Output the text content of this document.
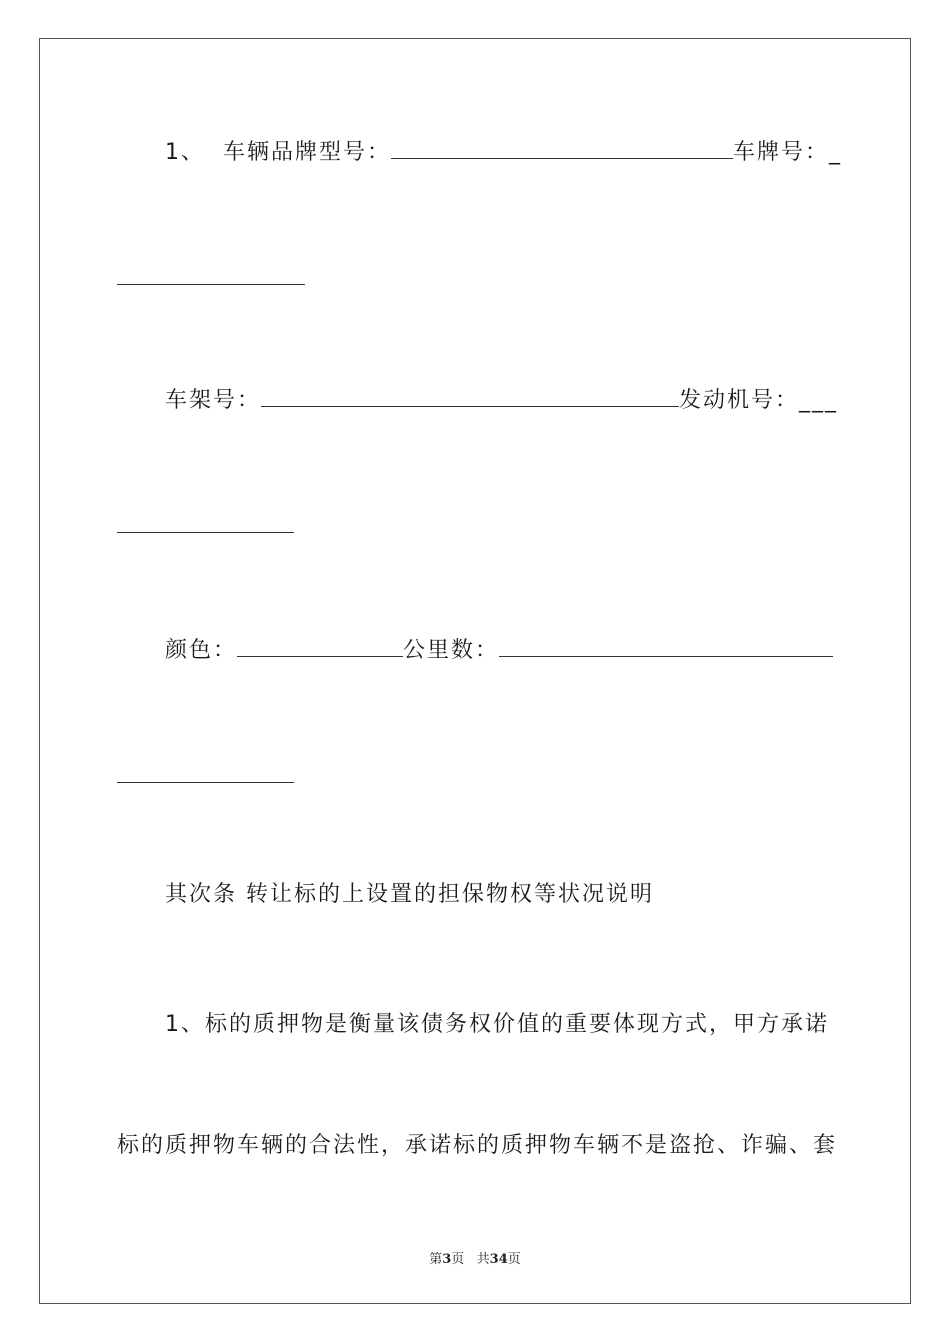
1、 车辆品牌型号：	车牌号：_
车架号：	发动机号：___
颜色：	公里数：
其次条 转让标的上设置的担保物权等状况说明
1、标的质押物是衡量该债务权价值的重要体现方式，甲方承诺
标的质押物车辆的合法性，承诺标的质押物车辆不是盗抢、诈骗、套
第3页   共34页
